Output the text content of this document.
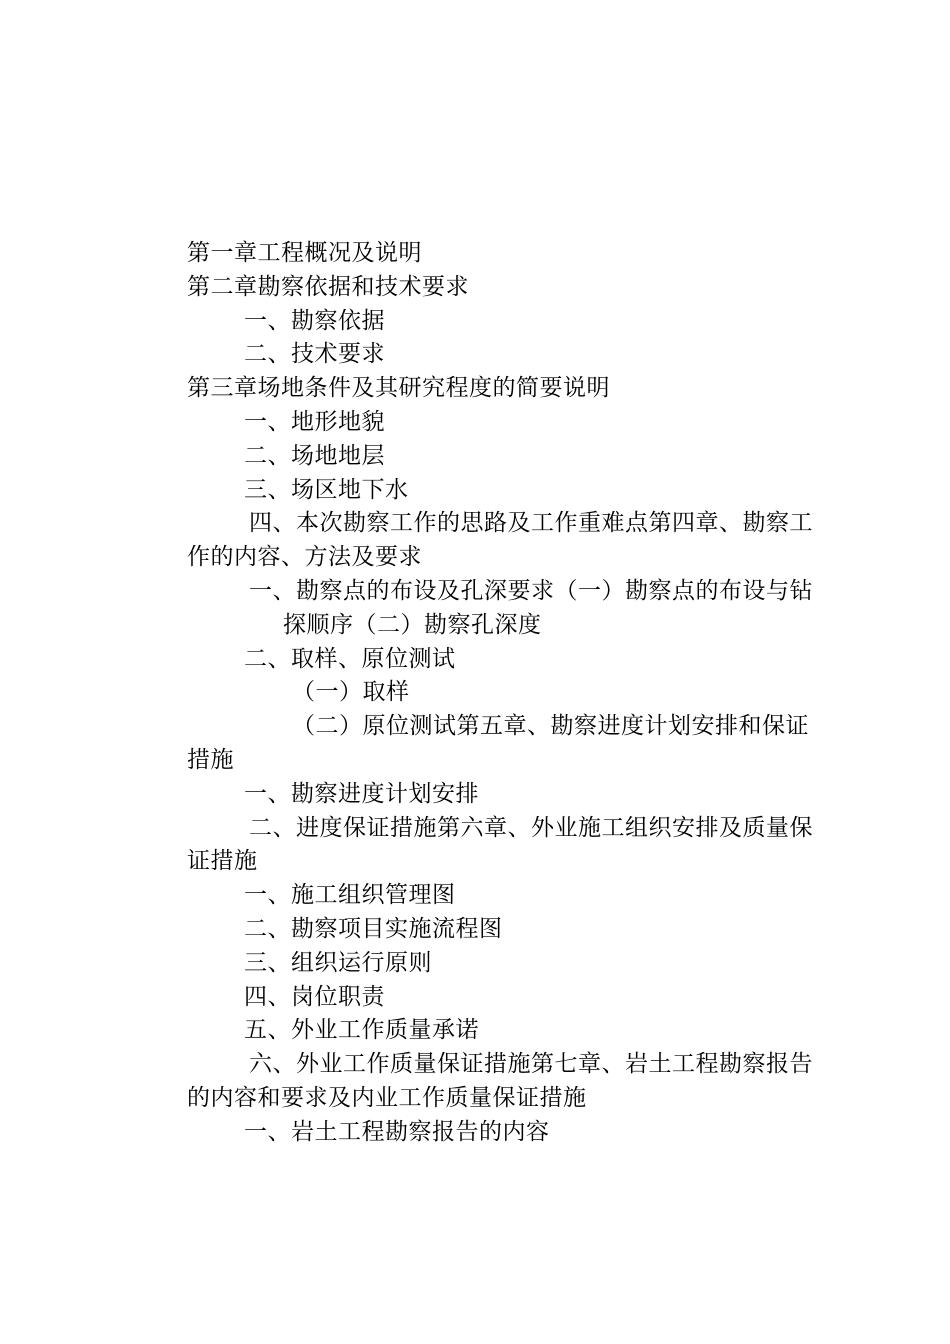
第一章工程概况及说明

第二章勘察依据和技术要求

一、勘察依据

二、技术要求

第三章场地条件及其研究程度的简要说明

一、地形地貌

二、场地地层

三、场区地下水

四、本次勘察工作的思路及工作重难点第四章、勘察工作的内容、方法及要求

一、勘察点的布设及孔深要求（一）勘察点的布设与钻探顺序（二）勘察孔深度

二、取样、原位测试

（一）取样

（二）原位测试第五章、勘察进度计划安排和保证措施

一、勘察进度计划安排

二、进度保证措施第六章、外业施工组织安排及质量保证措施

一、施工组织管理图

二、勘察项目实施流程图

三、组织运行原则

四、岗位职责

五、外业工作质量承诺

六、外业工作质量保证措施第七章、岩土工程勘察报告的内容和要求及内业工作质量保证措施

一、岩土工程勘察报告的内容
